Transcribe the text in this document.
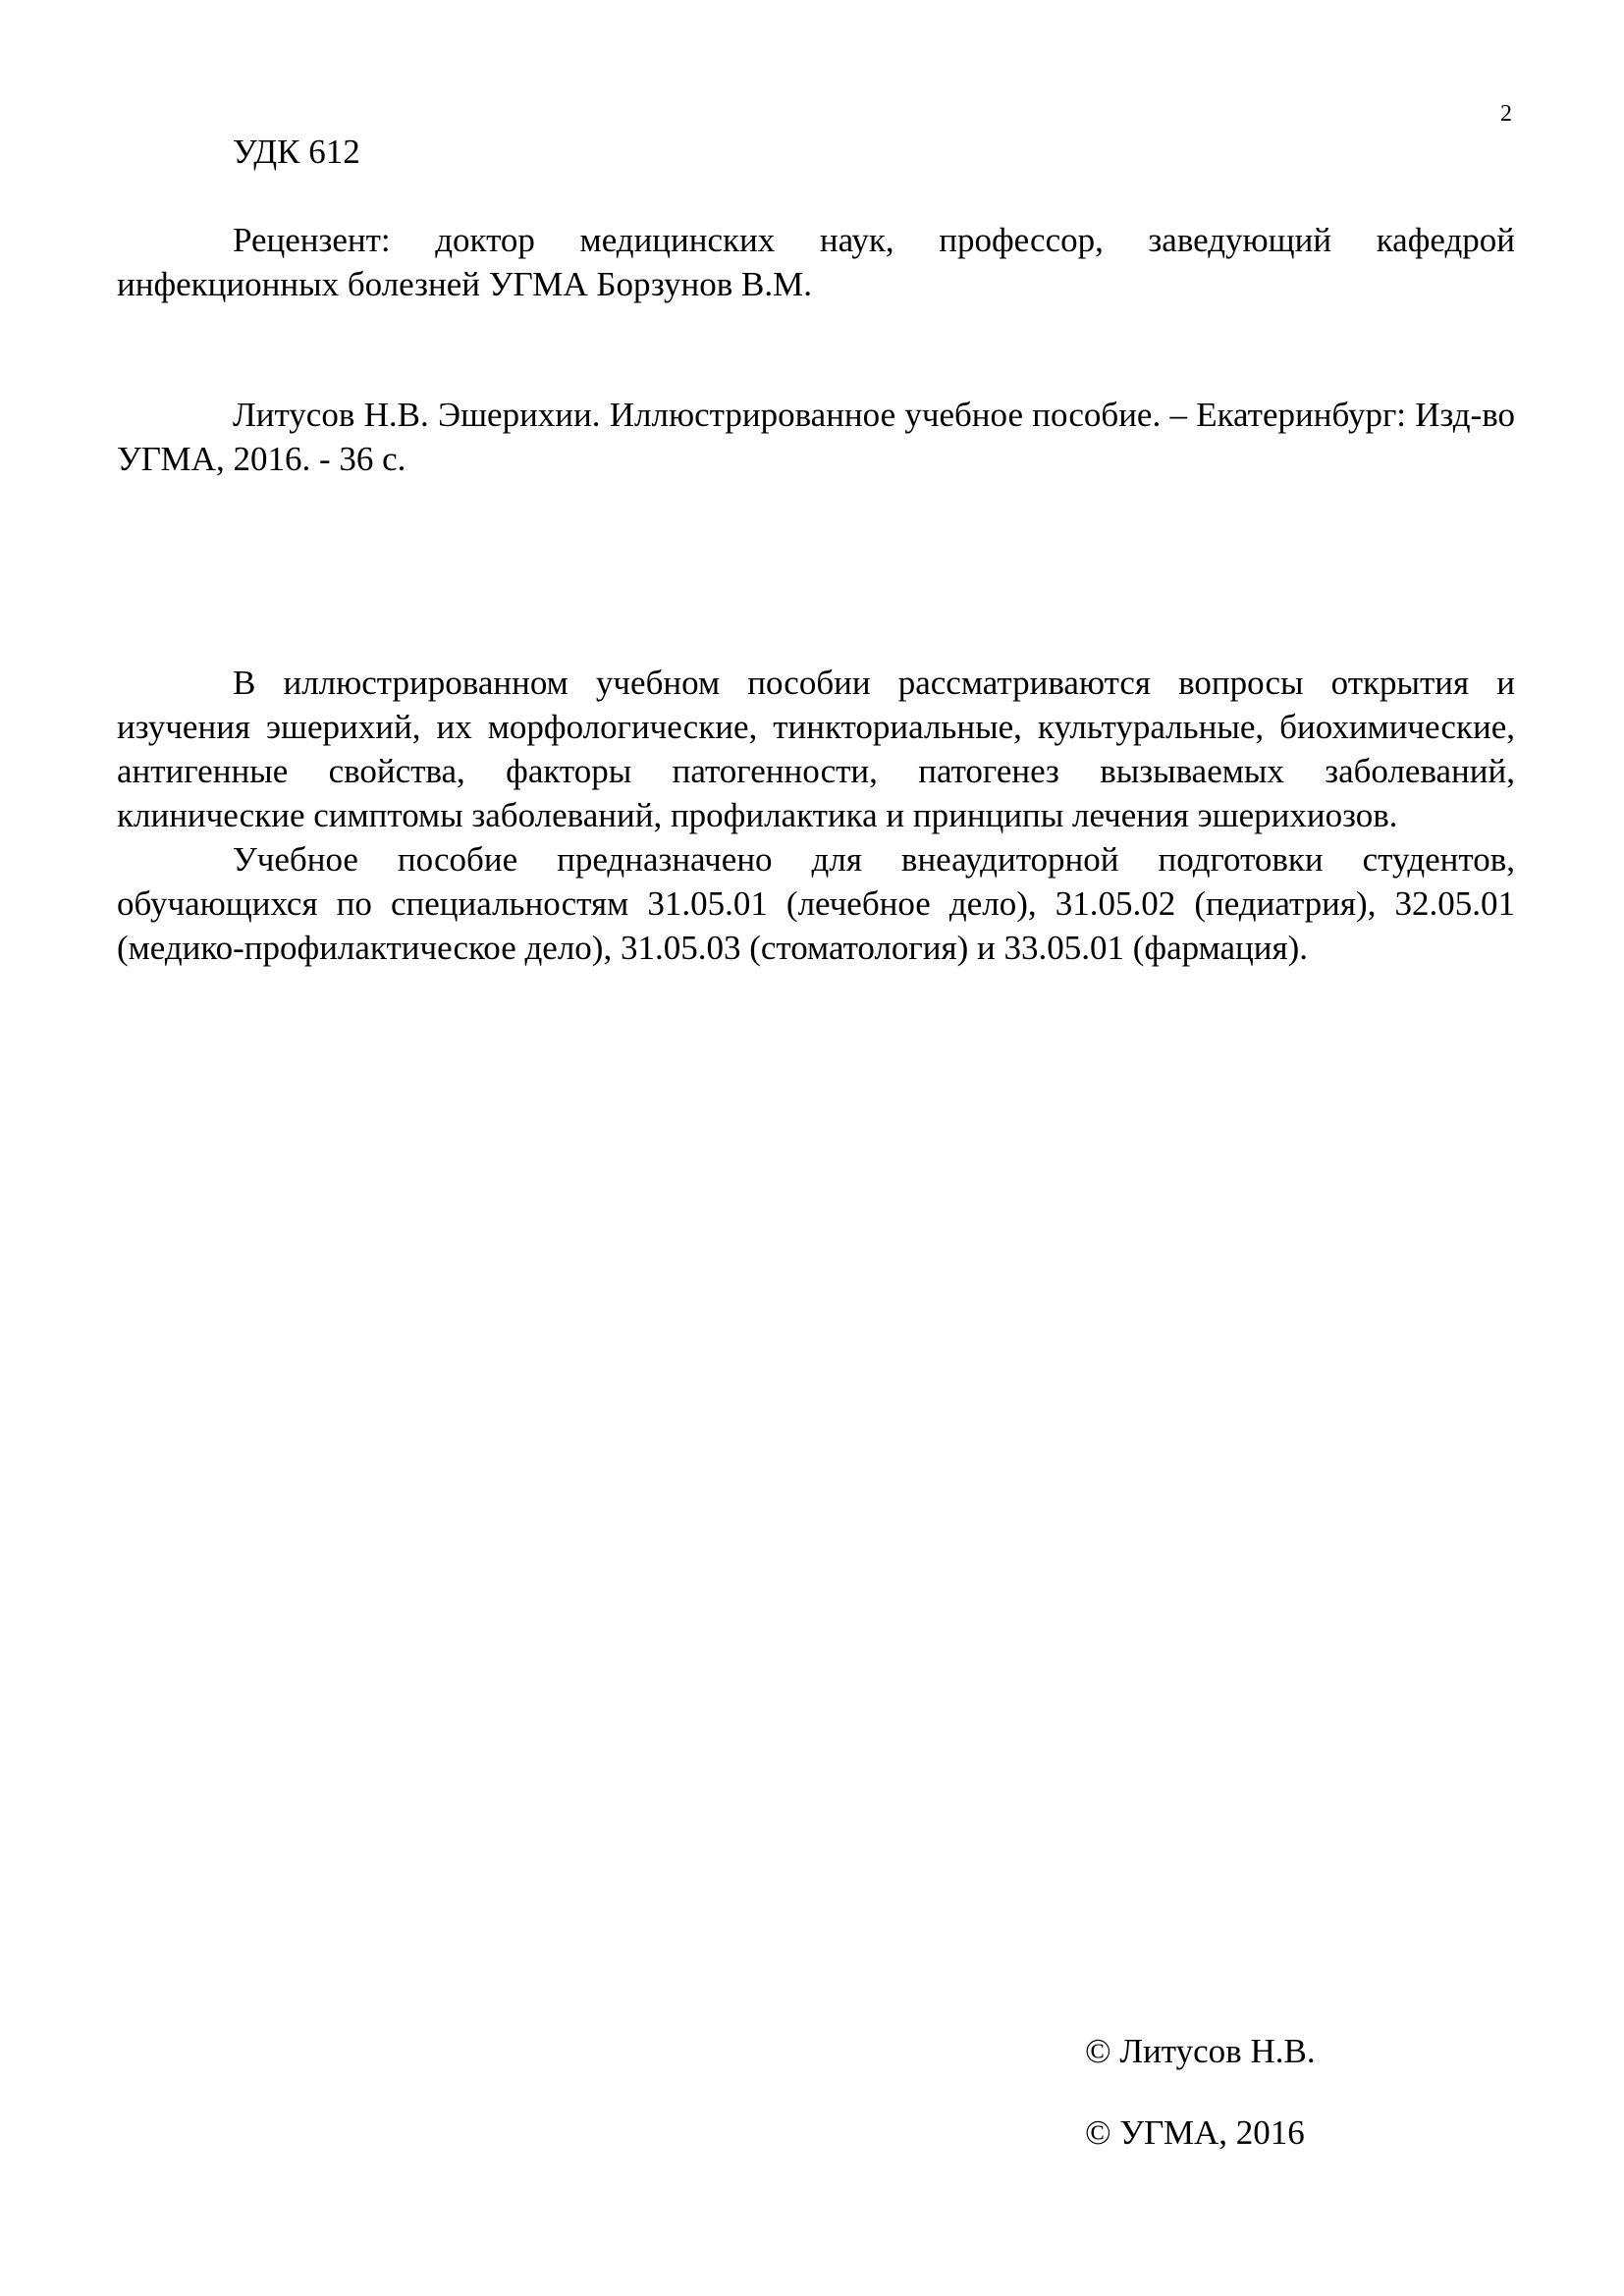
2
УДК 612

Рецензент: доктор медицинских наук, профессор, заведующий кафедрой инфекционных болезней УГМА Борзунов В.М.

Литусов Н.В. Эшерихии. Иллюстрированное учебное пособие. – Екатеринбург: Изд-во УГМА, 2016. - 36 с.

В иллюстрированном учебном пособии рассматриваются вопросы открытия и изучения эшерихий, их морфологические, тинкториальные, культуральные, биохимические, антигенные свойства, факторы патогенности, патогенез вызываемых заболеваний, клинические симптомы заболеваний, профилактика и принципы лечения эшерихиозов.

Учебное пособие предназначено для внеаудиторной подготовки студентов, обучающихся по специальностям 31.05.01 (лечебное дело), 31.05.02 (педиатрия), 32.05.01 (медико-профилактическое дело), 31.05.03 (стоматология) и 33.05.01 (фармация).

© Литусов Н.В.
© УГМА, 2016
